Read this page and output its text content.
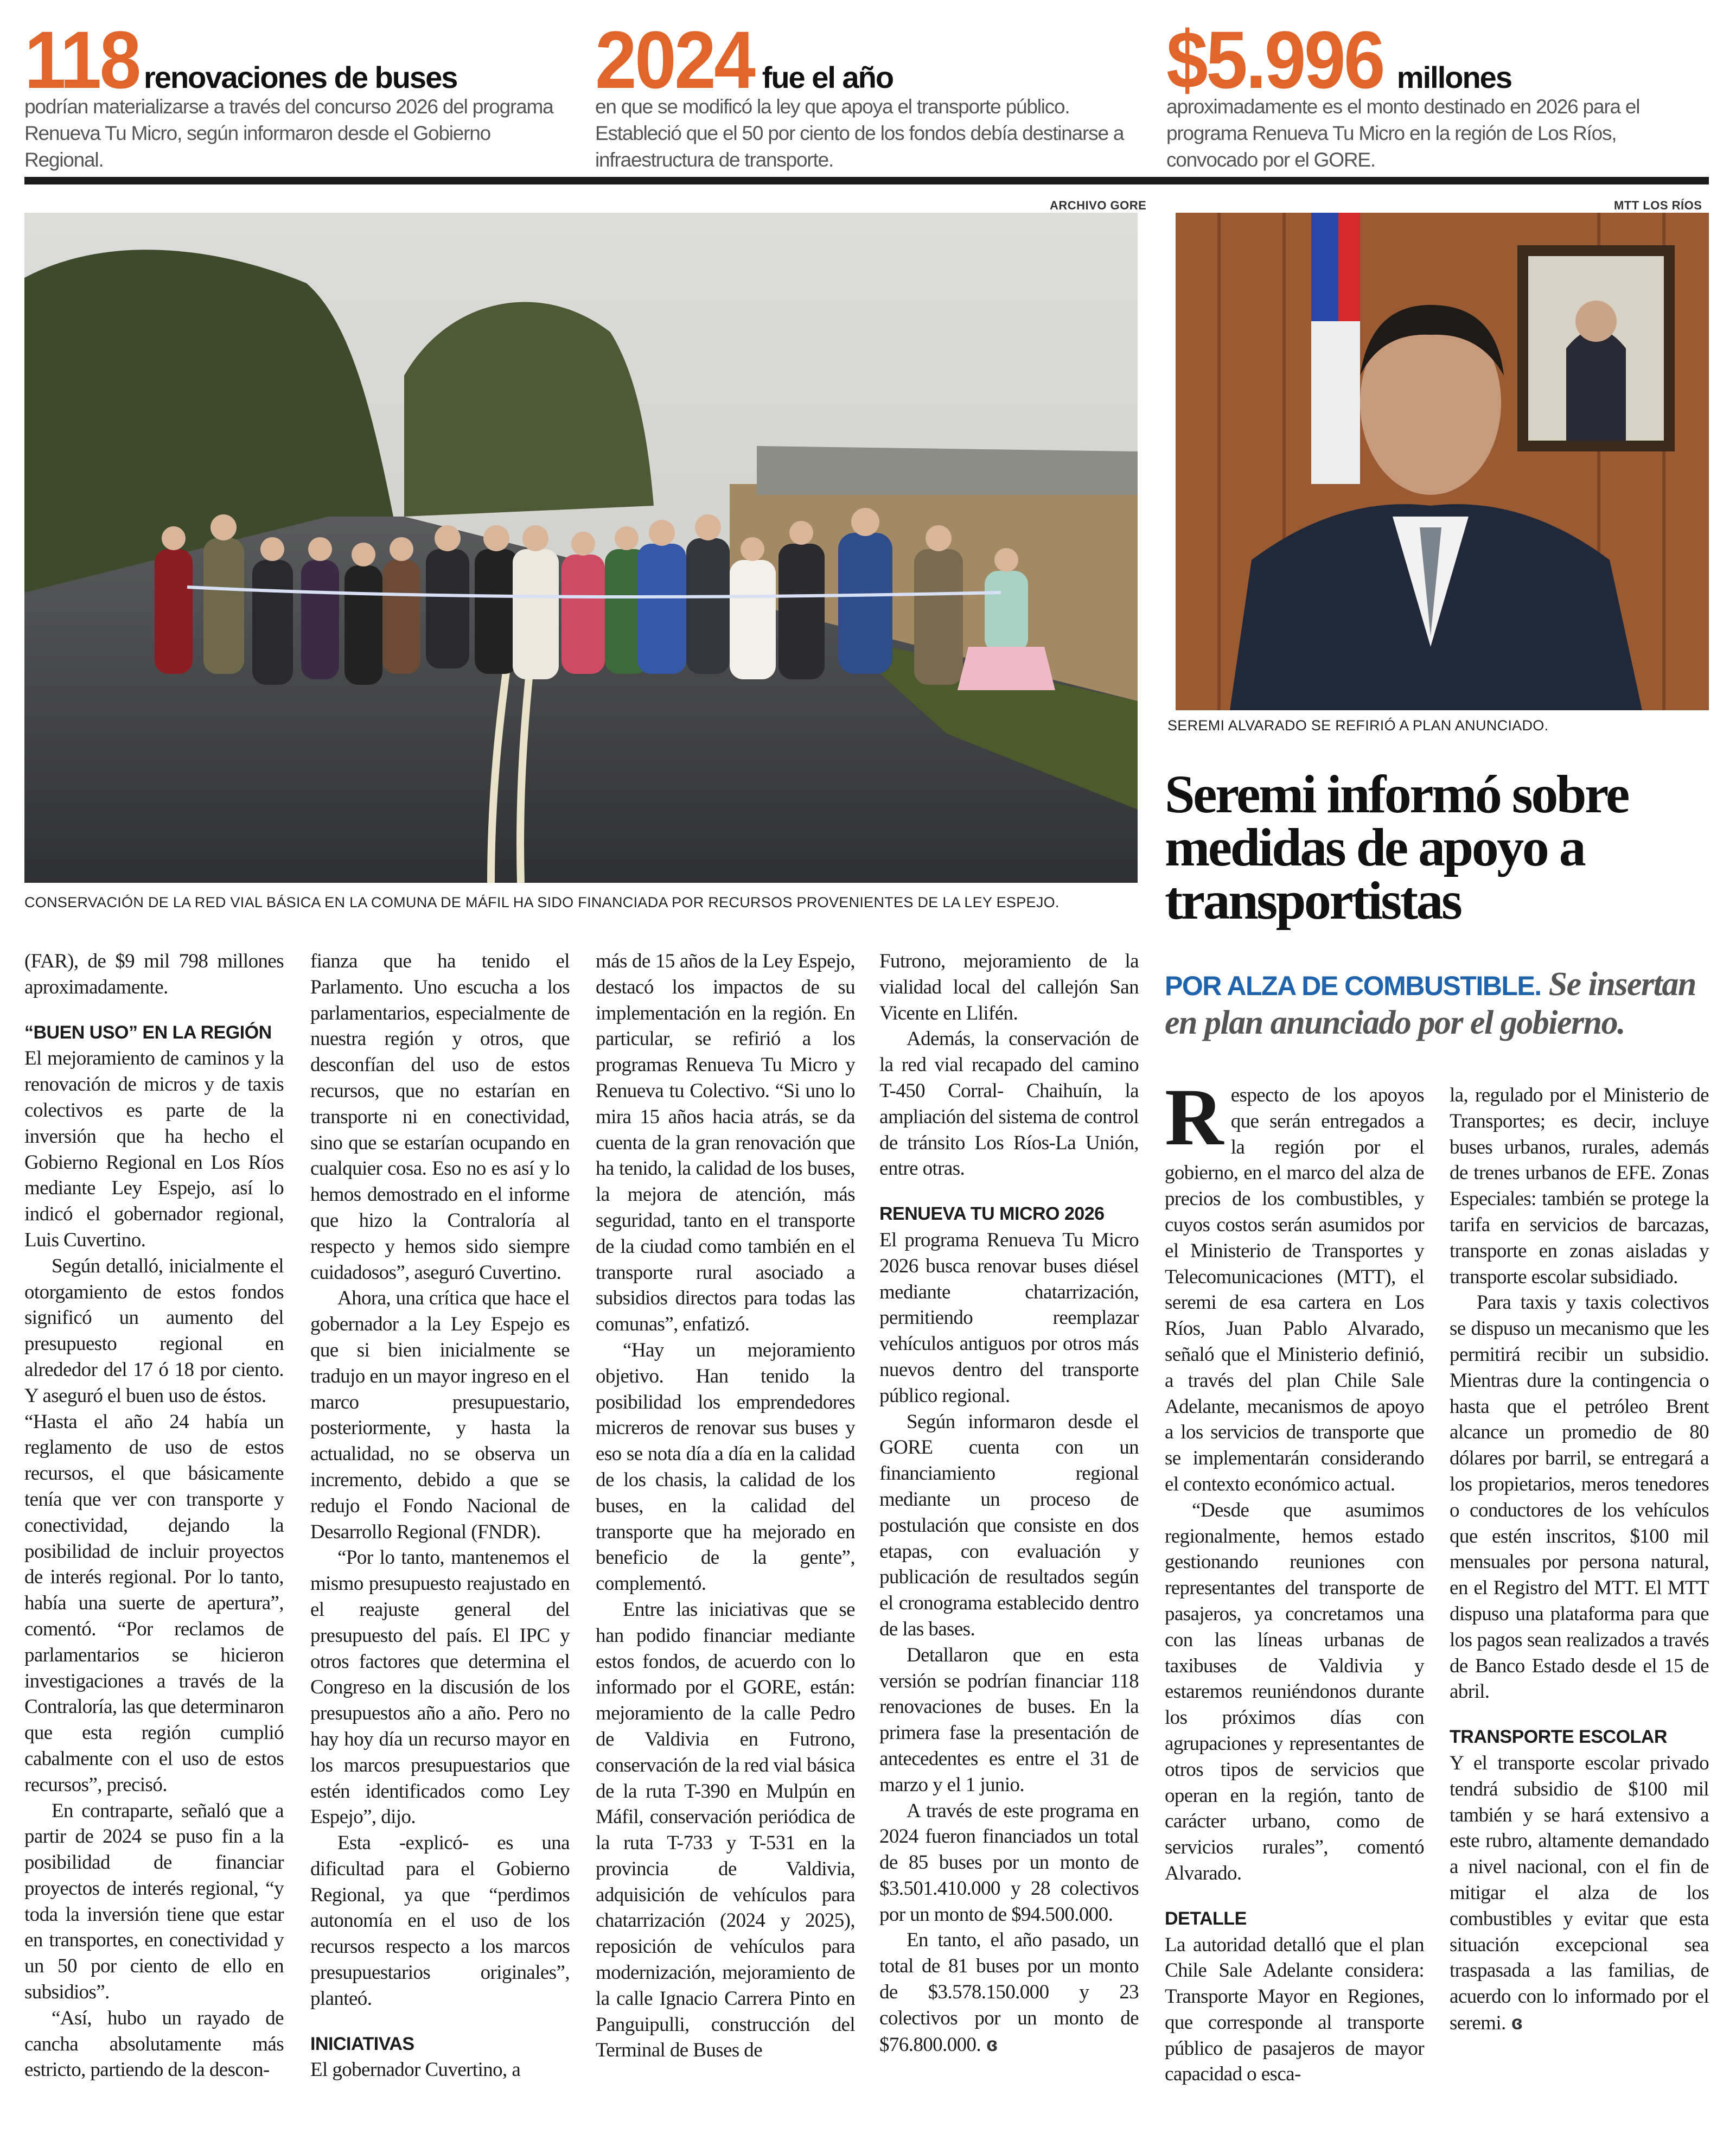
118 renovaciones de buses
podrían materializarse a través del concurso 2026 del programa Renueva Tu Micro, según informaron desde el Gobierno Regional.
2024 fue el año
en que se modificó la ley que apoya el transporte público. Estableció que el 50 por ciento de los fondos debía destinarse a infraestructura de transporte.
$5.996 millones
aproximadamente es el monto destinado en 2026 para el programa Renueva Tu Micro en la región de Los Ríos, convocado por el GORE.
ARCHIVO GORE
CONSERVACIÓN DE LA RED VIAL BÁSICA EN LA COMUNA DE MÁFIL HA SIDO FINANCIADA POR RECURSOS PROVENIENTES DE LA LEY ESPEJO.
MTT LOS RÍOS
SEREMI ALVARADO SE REFIRIÓ A PLAN ANUNCIADO.
Seremi informó sobre medidas de apoyo a transportistas
POR ALZA DE COMBUSTIBLE. Se insertan en plan anunciado por el gobierno.

(FAR), de $9 mil 798 millones aproximadamente.

“BUEN USO” EN LA REGIÓN

El mejoramiento de caminos y la renovación de micros y de taxis colectivos es parte de la inversión que ha hecho el Gobierno Regional en Los Ríos mediante Ley Espejo, así lo indicó el gobernador regional, Luis Cuvertino.

Según detalló, inicialmente el otorgamiento de estos fondos significó un aumento del presupuesto regional en alrededor del 17 ó 18 por ciento. Y aseguró el buen uso de éstos.

“Hasta el año 24 había un reglamento de uso de estos recursos, el que básicamente tenía que ver con transporte y conectividad, dejando la posibilidad de incluir proyectos de interés regional. Por lo tanto, había una suerte de apertura”, comentó. “Por reclamos de parlamentarios se hicieron investigaciones a través de la Contraloría, las que determinaron que esta región cumplió cabalmente con el uso de estos recursos”, precisó.

En contraparte, señaló que a partir de 2024 se puso fin a la posibilidad de financiar proyectos de interés regional, “y toda la inversión tiene que estar en transportes, en conectividad y un 50 por ciento de ello en subsidios”.

“Así, hubo un rayado de cancha absolutamente más estricto, partiendo de la descon-

fianza que ha tenido el Parlamento. Uno escucha a los parlamentarios, especialmente de nuestra región y otros, que desconfían del uso de estos recursos, que no estarían en transporte ni en conectividad, sino que se estarían ocupando en cualquier cosa. Eso no es así y lo hemos demostrado en el informe que hizo la Contraloría al respecto y hemos sido siempre cuidadosos”, aseguró Cuvertino.

Ahora, una crítica que hace el gobernador a la Ley Espejo es que si bien inicialmente se tradujo en un mayor ingreso en el marco presupuestario, posteriormente, y hasta la actualidad, no se observa un incremento, debido a que se redujo el Fondo Nacional de Desarrollo Regional (FNDR).

“Por lo tanto, mantenemos el mismo presupuesto reajustado en el reajuste general del presupuesto del país. El IPC y otros factores que determina el Congreso en la discusión de los presupuestos año a año. Pero no hay hoy día un recurso mayor en los marcos presupuestarios que estén identificados como Ley Espejo”, dijo.

Esta -explicó- es una dificultad para el Gobierno Regional, ya que “perdimos autonomía en el uso de los recursos respecto a los marcos presupuestarios originales”, planteó.

INICIATIVAS

El gobernador Cuvertino, a

más de 15 años de la Ley Espejo, destacó los impactos de su implementación en la región. En particular, se refirió a los programas Renueva Tu Micro y Renueva tu Colectivo. “Si uno lo mira 15 años hacia atrás, se da cuenta de la gran renovación que ha tenido, la calidad de los buses, la mejora de atención, más seguridad, tanto en el transporte de la ciudad como también en el transporte rural asociado a subsidios directos para todas las comunas”, enfatizó.

“Hay un mejoramiento objetivo. Han tenido la posibilidad los emprendedores micreros de renovar sus buses y eso se nota día a día en la calidad de los chasis, la calidad de los buses, en la calidad del transporte que ha mejorado en beneficio de la gente”, complementó.

Entre las iniciativas que se han podido financiar mediante estos fondos, de acuerdo con lo informado por el GORE, están: mejoramiento de la calle Pedro de Valdivia en Futrono, conservación de la red vial básica de la ruta T-390 en Mulpún en Máfil, conservación periódica de la ruta T-733 y T-531 en la provincia de Valdivia, adquisición de vehículos para chatarrización (2024 y 2025), reposición de vehículos para modernización, mejoramiento de la calle Ignacio Carrera Pinto en Panguipulli, construcción del Terminal de Buses de

Futrono, mejoramiento de la vialidad local del callejón San Vicente en Llifén.

Además, la conservación de la red vial recapado del camino T-450 Corral- Chaihuín, la ampliación del sistema de control de tránsito Los Ríos-La Unión, entre otras.

RENUEVA TU MICRO 2026

El programa Renueva Tu Micro 2026 busca renovar buses diésel mediante chatarrización, permitiendo reemplazar vehículos antiguos por otros más nuevos dentro del transporte público regional.

Según informaron desde el GORE cuenta con un financiamiento regional mediante un proceso de postulación que consiste en dos etapas, con evaluación y publicación de resultados según el cronograma establecido dentro de las bases.

Detallaron que en esta versión se podrían financiar 118 renovaciones de buses. En la primera fase la presentación de antecedentes es entre el 31 de marzo y el 1 junio.

A través de este programa en 2024 fueron financiados un total de 85 buses por un monto de $3.501.410.000 y 28 colectivos por un monto de $94.500.000.

En tanto, el año pasado, un total de 81 buses por un monto de $3.578.150.000 y 23 colectivos por un monto de $76.800.000. ɞ

Respecto de los apoyos que serán entregados a la región por el gobierno, en el marco del alza de precios de los combustibles, y cuyos costos serán asumidos por el Ministerio de Transportes y Telecomunicaciones (MTT), el seremi de esa cartera en Los Ríos, Juan Pablo Alvarado, señaló que el Ministerio definió, a través del plan Chile Sale Adelante, mecanismos de apoyo a los servicios de transporte que se implementarán considerando el contexto económico actual.

“Desde que asumimos regionalmente, hemos estado gestionando reuniones con representantes del transporte de pasajeros, ya concretamos una con las líneas urbanas de taxibuses de Valdivia y estaremos reuniéndonos durante los próximos días con agrupaciones y representantes de otros tipos de servicios que operan en la región, tanto de carácter urbano, como de servicios rurales”, comentó Alvarado.

DETALLE

La autoridad detalló que el plan Chile Sale Adelante considera: Transporte Mayor en Regiones, que corresponde al transporte público de pasajeros de mayor capacidad o esca-

la, regulado por el Ministerio de Transportes; es decir, incluye buses urbanos, rurales, además de trenes urbanos de EFE. Zonas Especiales: también se protege la tarifa en servicios de barcazas, transporte en zonas aisladas y transporte escolar subsidiado.

Para taxis y taxis colectivos se dispuso un mecanismo que les permitirá recibir un subsidio. Mientras dure la contingencia o hasta que el petróleo Brent alcance un promedio de 80 dólares por barril, se entregará a los propietarios, meros tenedores o conductores de los vehículos que estén inscritos, $100 mil mensuales por persona natural, en el Registro del MTT. El MTT dispuso una plataforma para que los pagos sean realizados a través de Banco Estado desde el 15 de abril.

TRANSPORTE ESCOLAR

Y el transporte escolar privado tendrá subsidio de $100 mil también y se hará extensivo a este rubro, altamente demandado a nivel nacional, con el fin de mitigar el alza de los combustibles y evitar que esta situación excepcional sea traspasada a las familias, de acuerdo con lo informado por el seremi. ɞ
